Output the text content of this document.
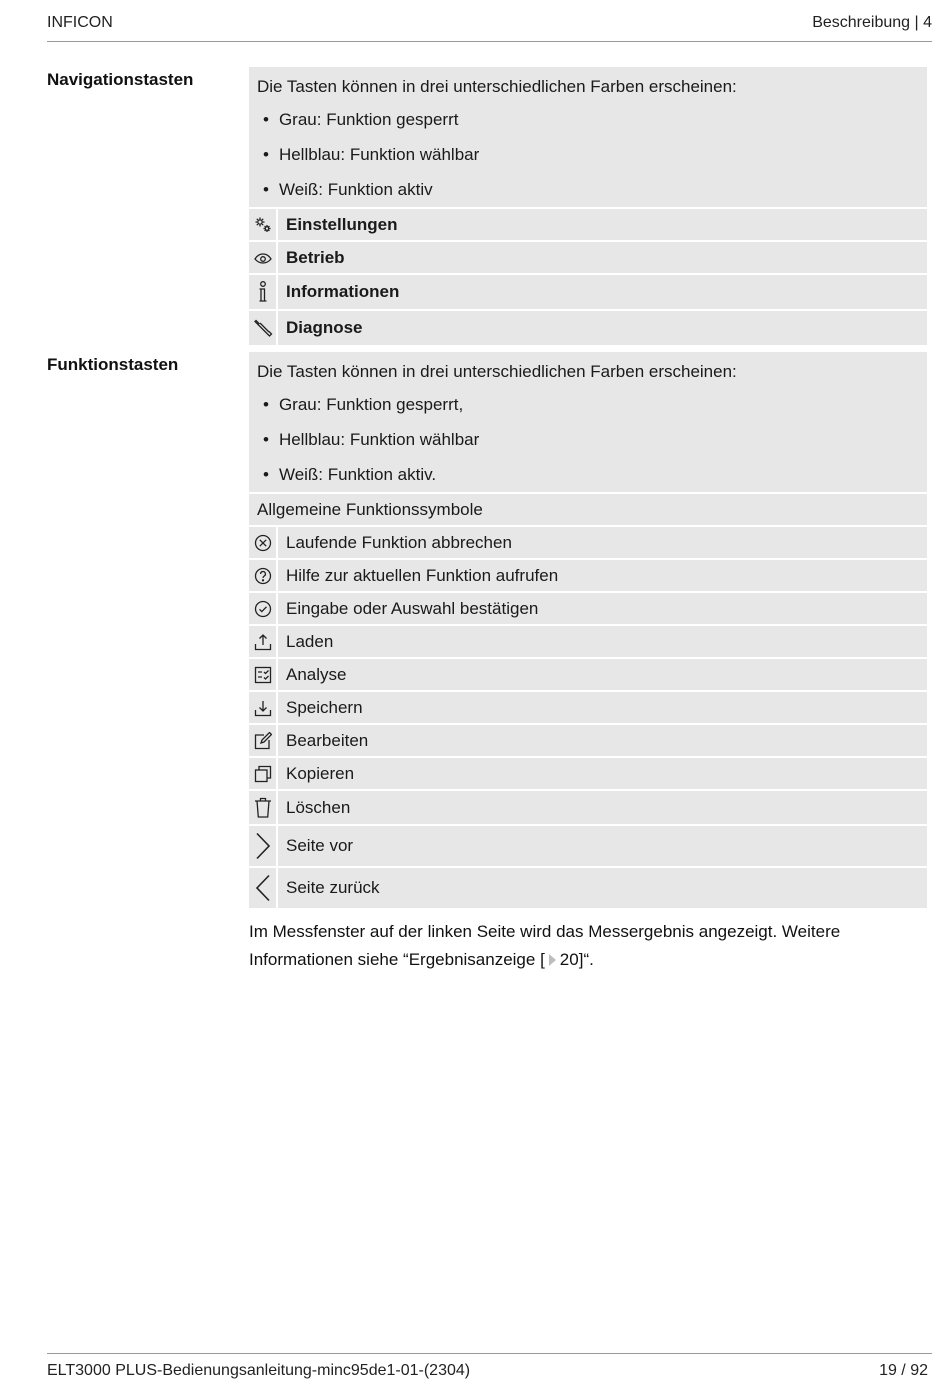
INFICON	Beschreibung | 4
Navigationstasten	Die Tasten können in drei unterschiedlichen Farben erscheinen:
• Grau: Funktion gesperrt
• Hellblau: Funktion wählbar
• Weiß: Funktion aktiv
Einstellungen
Betrieb
Informationen
Diagnose
Funktionstasten	Die Tasten können in drei unterschiedlichen Farben erscheinen:
• Grau: Funktion gesperrt,
• Hellblau: Funktion wählbar
• Weiß: Funktion aktiv.
Allgemeine Funktionssymbole
Laufende Funktion abbrechen
Hilfe zur aktuellen Funktion aufrufen
Eingabe oder Auswahl bestätigen
Laden
Analyse
Speichern
Bearbeiten
Kopieren
Löschen
Seite vor
Seite zurück
Im Messfenster auf der linken Seite wird das Messergebnis angezeigt. Weitere Informationen siehe “Ergebnisanzeige [ 20]“.
ELT3000 PLUS-Bedienungsanleitung-minc95de1-01-(2304)	19 / 92
